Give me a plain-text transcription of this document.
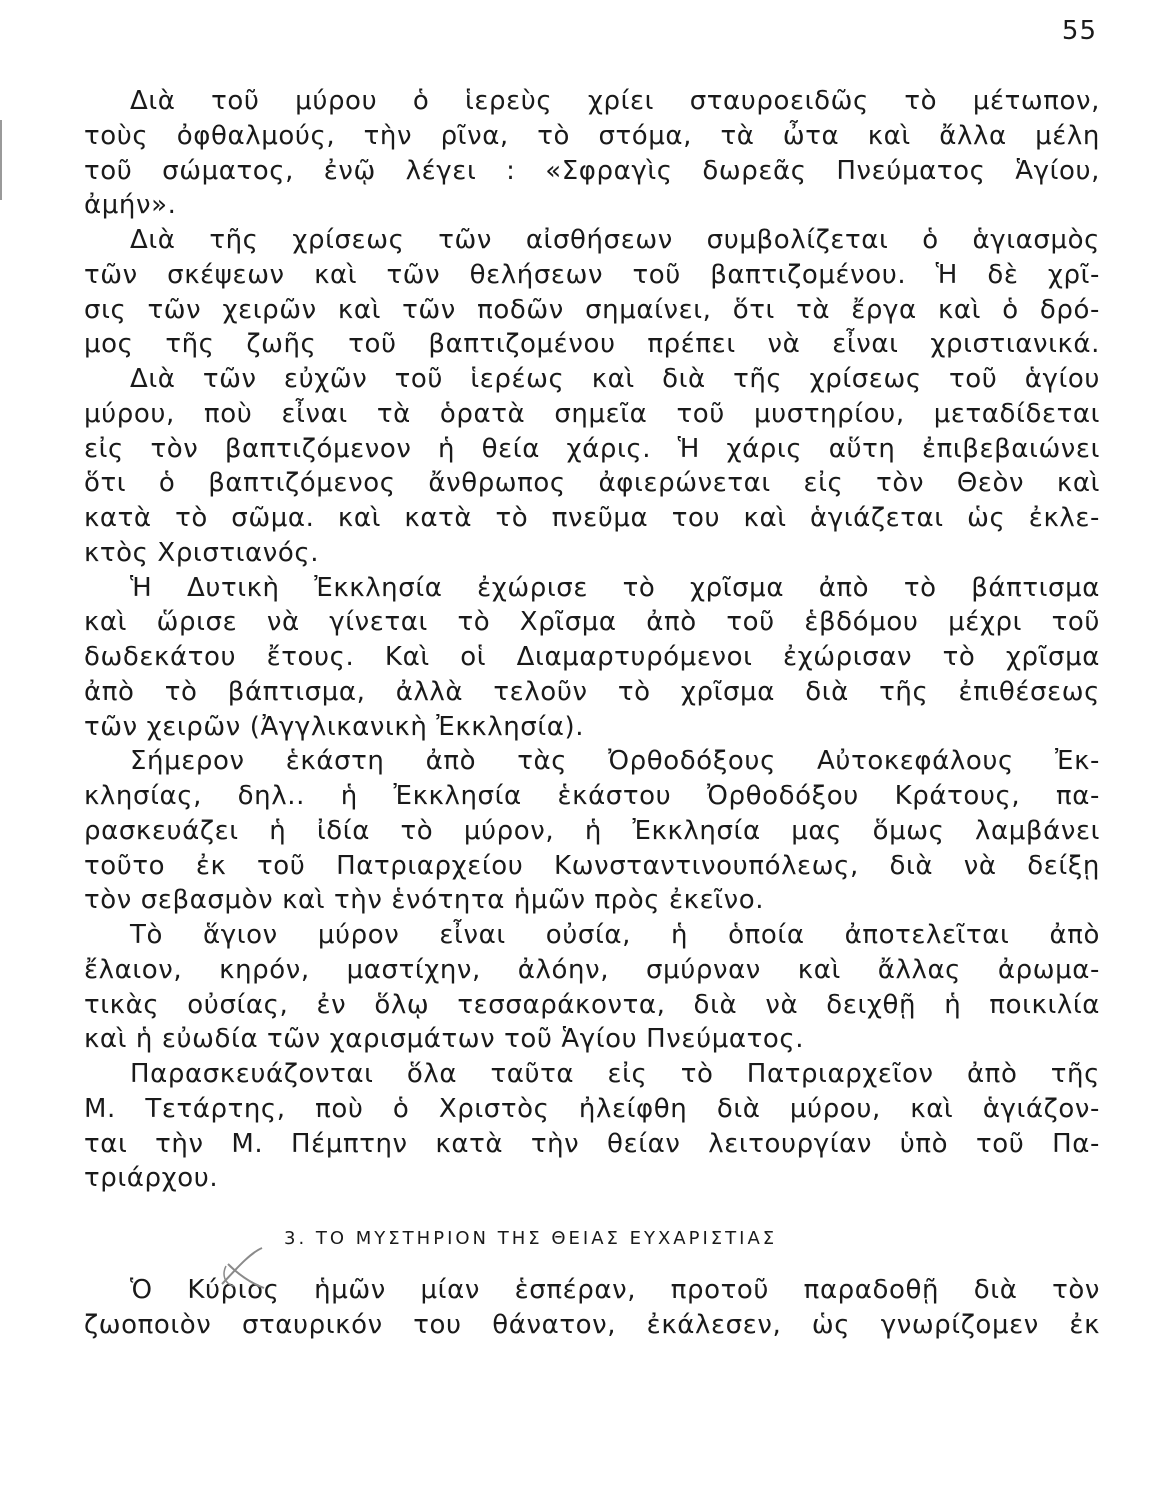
55
Διὰ τοῦ μύρου ὁ ἱερεὺς χρίει σταυροειδῶς τὸ μέτωπον,
τοὺς ὀφθαλμούς, τὴν ρῖνα, τὸ στόμα, τὰ ὦτα καὶ ἄλλα μέλη
τοῦ σώματος, ἐνῷ λέγει : «Σφραγὶς δωρεᾶς Πνεύματος Ἁγίου,
ἀμήν».
Διὰ τῆς χρίσεως τῶν αἰσθήσεων συμβολίζεται ὁ ἁγιασμὸς
τῶν σκέψεων καὶ τῶν θελήσεων τοῦ βαπτιζομένου. Ἡ δὲ χρῖ-
σις τῶν χειρῶν καὶ τῶν ποδῶν σημαίνει, ὅτι τὰ ἔργα καὶ ὁ δρό-
μος τῆς ζωῆς τοῦ βαπτιζομένου πρέπει νὰ εἶναι χριστιανικά.
Διὰ τῶν εὐχῶν τοῦ ἱερέως καὶ διὰ τῆς χρίσεως τοῦ ἁγίου
μύρου, ποὺ εἶναι τὰ ὁρατὰ σημεῖα τοῦ μυστηρίου, μεταδίδεται
εἰς τὸν βαπτιζόμενον ἡ θεία χάρις. Ἡ χάρις αὕτη ἐπιβεβαιώνει
ὅτι ὁ βαπτιζόμενος ἄνθρωπος ἀφιερώνεται εἰς τὸν Θεὸν καὶ
κατὰ τὸ σῶμα. καὶ κατὰ τὸ πνεῦμα του καὶ ἁγιάζεται ὡς ἐκλε-
κτὸς Χριστιανός.
Ἡ Δυτικὴ Ἐκκλησία ἐχώρισε τὸ χρῖσμα ἀπὸ τὸ βάπτισμα
καὶ ὥρισε νὰ γίνεται τὸ Χρῖσμα ἀπὸ τοῦ ἑβδόμου μέχρι τοῦ
δωδεκάτου ἔτους. Καὶ οἱ Διαμαρτυρόμενοι ἐχώρισαν τὸ χρῖσμα
ἀπὸ τὸ βάπτισμα, ἀλλὰ τελοῦν τὸ χρῖσμα διὰ τῆς ἐπιθέσεως
τῶν χειρῶν (Ἀγγλικανικὴ Ἐκκλησία).
Σήμερον ἑκάστη ἀπὸ τὰς Ὀρθοδόξους Αὐτοκεφάλους Ἐκ-
κλησίας, δηλ.. ἡ Ἐκκλησία ἑκάστου Ὀρθοδόξου Κράτους, πα-
ρασκευάζει ἡ ἰδία τὸ μύρον, ἡ Ἐκκλησία μας ὅμως λαμβάνει
τοῦτο ἐκ τοῦ Πατριαρχείου Κωνσταντινουπόλεως, διὰ νὰ δείξῃ
τὸν σεβασμὸν καὶ τὴν ἑνότητα ἡμῶν πρὸς ἐκεῖνο.
Τὸ ἅγιον μύρον εἶναι οὐσία, ἡ ὁποία ἀποτελεῖται ἀπὸ
ἔλαιον, κηρόν, μαστίχην, ἀλόην, σμύρναν καὶ ἄλλας ἀρωμα-
τικὰς οὐσίας, ἐν ὅλῳ τεσσαράκοντα, διὰ νὰ δειχθῇ ἡ ποικιλία
καὶ ἡ εὐωδία τῶν χαρισμάτων τοῦ Ἁγίου Πνεύματος.
Παρασκευάζονται ὅλα ταῦτα εἰς τὸ Πατριαρχεῖον ἀπὸ τῆς
Μ. Τετάρτης, ποὺ ὁ Χριστὸς ἠλείφθη διὰ μύρου, καὶ ἁγιάζον-
ται τὴν Μ. Πέμπτην κατὰ τὴν θείαν λειτουργίαν ὑπὸ τοῦ Πα-
τριάρχου.
3. ΤΟ ΜΥΣΤΗΡΙΟΝ ΤΗΣ ΘΕΙΑΣ ΕΥΧΑΡΙΣΤΙΑΣ
Ὁ Κύριος ἡμῶν μίαν ἑσπέραν, προτοῦ παραδοθῇ διὰ τὸν
ζωοποιὸν σταυρικόν του θάνατον, ἐκάλεσεν, ὡς γνωρίζομεν ἐκ
